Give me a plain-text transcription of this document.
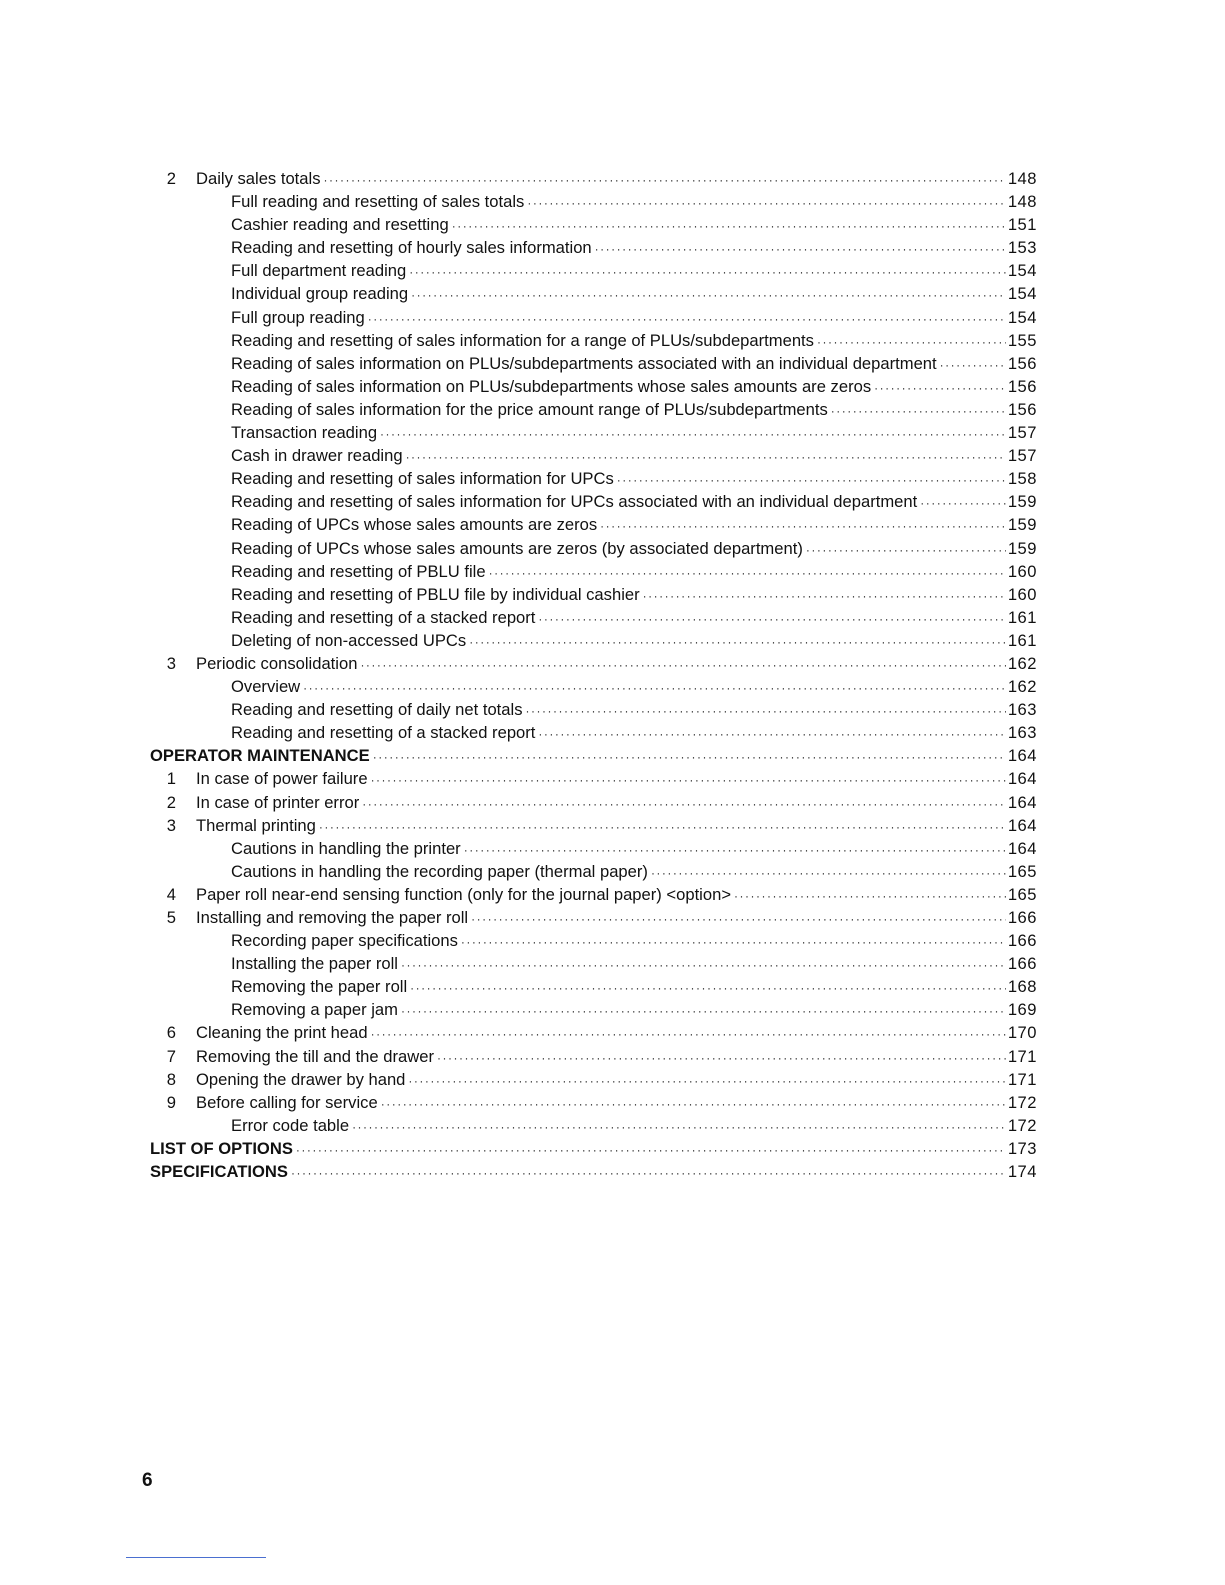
2	Daily sales totals ·····	148
Full reading and resetting of sales totals ·····	148
Cashier reading and resetting ·····	151
Reading and resetting of hourly sales information ·····	153
Full department reading ·····	154
Individual group reading ·····	154
Full group reading ·····	154
Reading and resetting of sales information for a range of PLUs/subdepartments ·····	155
Reading of sales information on PLUs/subdepartments associated with an individual department ·····	156
Reading of sales information on PLUs/subdepartments whose sales amounts are zeros ·····	156
Reading of sales information for the price amount range of PLUs/subdepartments ·····	156
Transaction reading ·····	157
Cash in drawer reading ·····	157
Reading and resetting of sales information for UPCs ·····	158
Reading and resetting of sales information for UPCs associated with an individual department ·····	159
Reading of UPCs whose sales amounts are zeros ·····	159
Reading of UPCs whose sales amounts are zeros (by associated department) ·····	159
Reading and resetting of PBLU file ·····	160
Reading and resetting of PBLU file by individual cashier ·····	160
Reading and resetting of a stacked report ·····	161
Deleting of non-accessed UPCs ·····	161
3	Periodic consolidation ·····	162
Overview ·····	162
Reading and resetting of daily net totals ·····	163
Reading and resetting of a stacked report ·····	163
OPERATOR MAINTENANCE ·····	164
1	In case of power failure ·····	164
2	In case of printer error ·····	164
3	Thermal printing ·····	164
Cautions in handling the printer ·····	164
Cautions in handling the recording paper (thermal paper) ·····	165
4	Paper roll near-end sensing function (only for the journal paper) <option> ·····	165
5	Installing and removing the paper roll ·····	166
Recording paper specifications ·····	166
Installing the paper roll ·····	166
Removing the paper roll ·····	168
Removing a paper jam ·····	169
6	Cleaning the print head ·····	170
7	Removing the till and the drawer ·····	171
8	Opening the drawer by hand ·····	171
9	Before calling for service ·····	172
Error code table ·····	172
LIST OF OPTIONS ·····	173
SPECIFICATIONS ·····	174
6
